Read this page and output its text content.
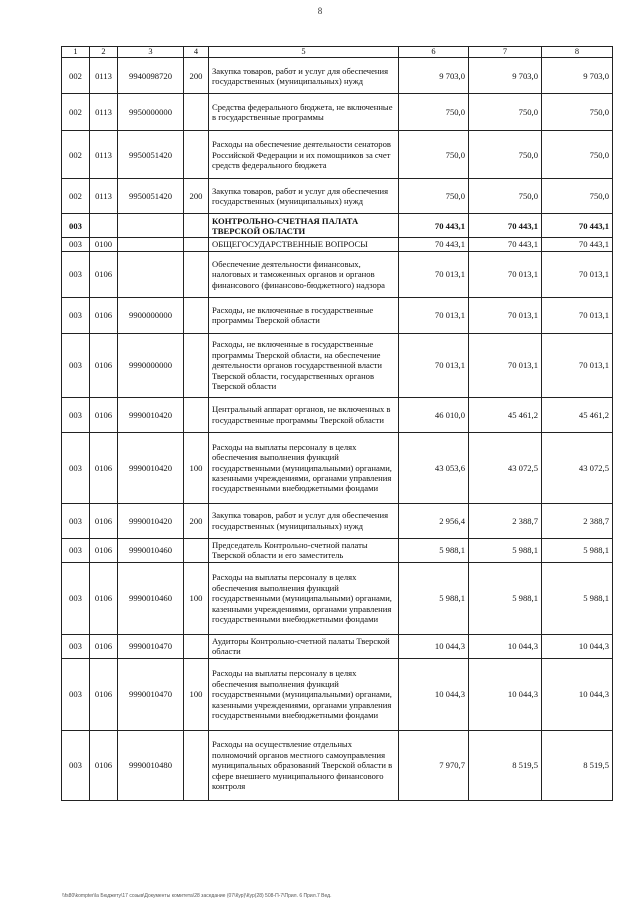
8
1	2	3	4	5	6	7	8
002	0113	9940098720	200	Закупка товаров, работ и услуг для обеспечения государственных (муниципальных) нужд	9 703,0	9 703,0	9 703,0
002	0113	9950000000		Средства федерального бюджета, не включенные в государственные программы	750,0	750,0	750,0
002	0113	9950051420		Расходы на обеспечение деятельности сенаторов Российской Федерации и их помощников за счет средств федерального бюджета	750,0	750,0	750,0
002	0113	9950051420	200	Закупка товаров, работ и услуг для обеспечения государственных (муниципальных) нужд	750,0	750,0	750,0
003				КОНТРОЛЬНО-СЧЕТНАЯ ПАЛАТА ТВЕРСКОЙ ОБЛАСТИ	70 443,1	70 443,1	70 443,1
003	0100			ОБЩЕГОСУДАРСТВЕННЫЕ ВОПРОСЫ	70 443,1	70 443,1	70 443,1
003	0106			Обеспечение деятельности финансовых, налоговых и таможенных органов и органов финансового (финансово-бюджетного) надзора	70 013,1	70 013,1	70 013,1
003	0106	9900000000		Расходы, не включенные в государственные программы Тверской области	70 013,1	70 013,1	70 013,1
003	0106	9990000000		Расходы, не включенные в государственные программы Тверской области, на обеспечение деятельности органов государственной власти Тверской области, государственных органов Тверской области	70 013,1	70 013,1	70 013,1
003	0106	9990010420		Центральный аппарат органов, не включенных в государственные программы Тверской области	46 010,0	45 461,2	45 461,2
003	0106	9990010420	100	Расходы на выплаты персоналу в целях обеспечения выполнения функций государственными (муниципальными) органами, казенными учреждениями, органами управления государственными внебюджетными фондами	43 053,6	43 072,5	43 072,5
003	0106	9990010420	200	Закупка товаров, работ и услуг для обеспечения государственных (муниципальных) нужд	2 956,4	2 388,7	2 388,7
003	0106	9990010460		Председатель Контрольно-счетной палаты Тверской области и его заместитель	5 988,1	5 988,1	5 988,1
003	0106	9990010460	100	Расходы на выплаты персоналу в целях обеспечения выполнения функций государственными (муниципальными) органами, казенными учреждениями, органами управления государственными внебюджетными фондами	5 988,1	5 988,1	5 988,1
003	0106	9990010470		Аудиторы Контрольно-счетной палаты Тверской области	10 044,3	10 044,3	10 044,3
003	0106	9990010470	100	Расходы на выплаты персоналу в целях обеспечения выполнения функций государственными (муниципальными) органами, казенными учреждениями, органами управления государственными внебюджетными фондами	10 044,3	10 044,3	10 044,3
003	0106	9990010480		Расходы на осуществление отдельных полномочий органов местного самоуправления муниципальных образований Тверской области в сфере внешнего муниципального финансового контроля	7 970,7	8 519,5	8 519,5
\\fs80\kompter\la Бюджету\17 созыв\Документы комитета\28 заседание (07\Кур)\Кур(28) 508-П-7\Прил. 6 Прил.7 Вед.
